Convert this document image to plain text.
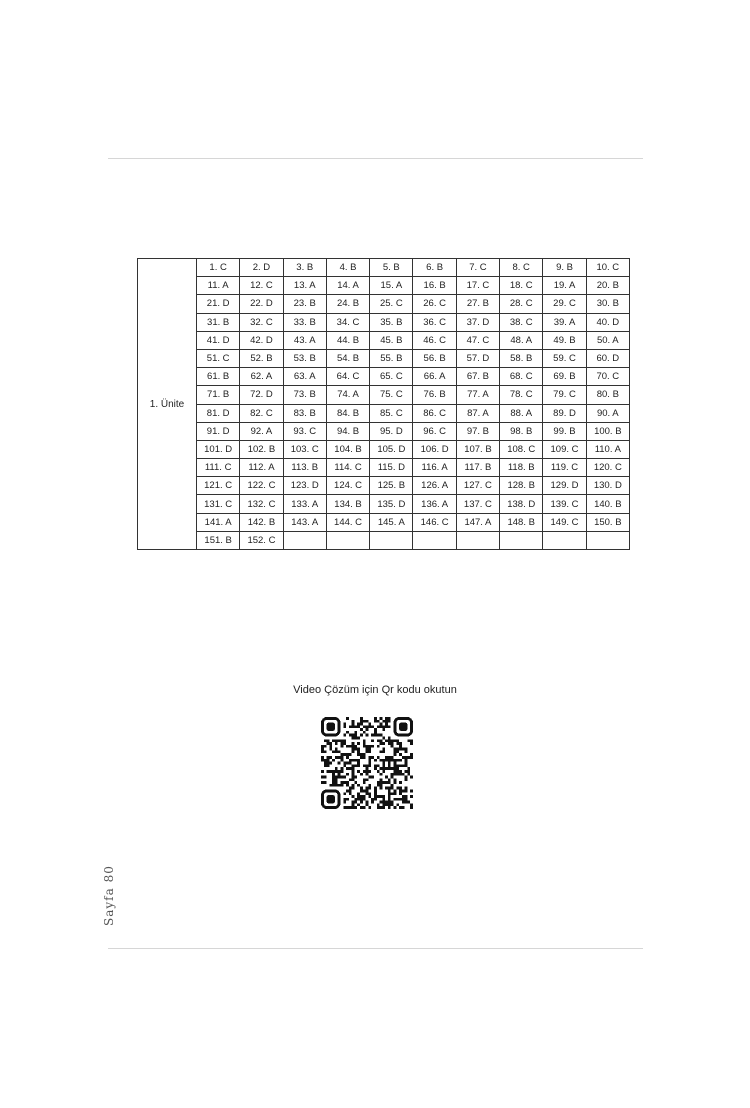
1. Ünite	1. C	2. D	3. B	4. B	5. B	6. B	7. C	8. C	9. B	10. C
	11. A	12. C	13. A	14. A	15. A	16. B	17. C	18. C	19. A	20. B
	21. D	22. D	23. B	24. B	25. C	26. C	27. B	28. C	29. C	30. B
	31. B	32. C	33. B	34. C	35. B	36. C	37. D	38. C	39. A	40. D
	41. D	42. D	43. A	44. B	45. B	46. C	47. C	48. A	49. B	50. A
	51. C	52. B	53. B	54. B	55. B	56. B	57. D	58. B	59. C	60. D
	61. B	62. A	63. A	64. C	65. C	66. A	67. B	68. C	69. B	70. C
	71. B	72. D	73. B	74. A	75. C	76. B	77. A	78. C	79. C	80. B
	81. D	82. C	83. B	84. B	85. C	86. C	87. A	88. A	89. D	90. A
	91. D	92. A	93. C	94. B	95. D	96. C	97. B	98. B	99. B	100. B
	101. D	102. B	103. C	104. B	105. D	106. D	107. B	108. C	109. C	110. A
	111. C	112. A	113. B	114. C	115. D	116. A	117. B	118. B	119. C	120. C
	121. C	122. C	123. D	124. C	125. B	126. A	127. C	128. B	129. D	130. D
	131. C	132. C	133. A	134. B	135. D	136. A	137. C	138. D	139. C	140. B
	141. A	142. B	143. A	144. C	145. A	146. C	147. A	148. B	149. C	150. B
	151. B	152. C								
Video Çözüm için Qr kodu okutun
Sayfa 80
